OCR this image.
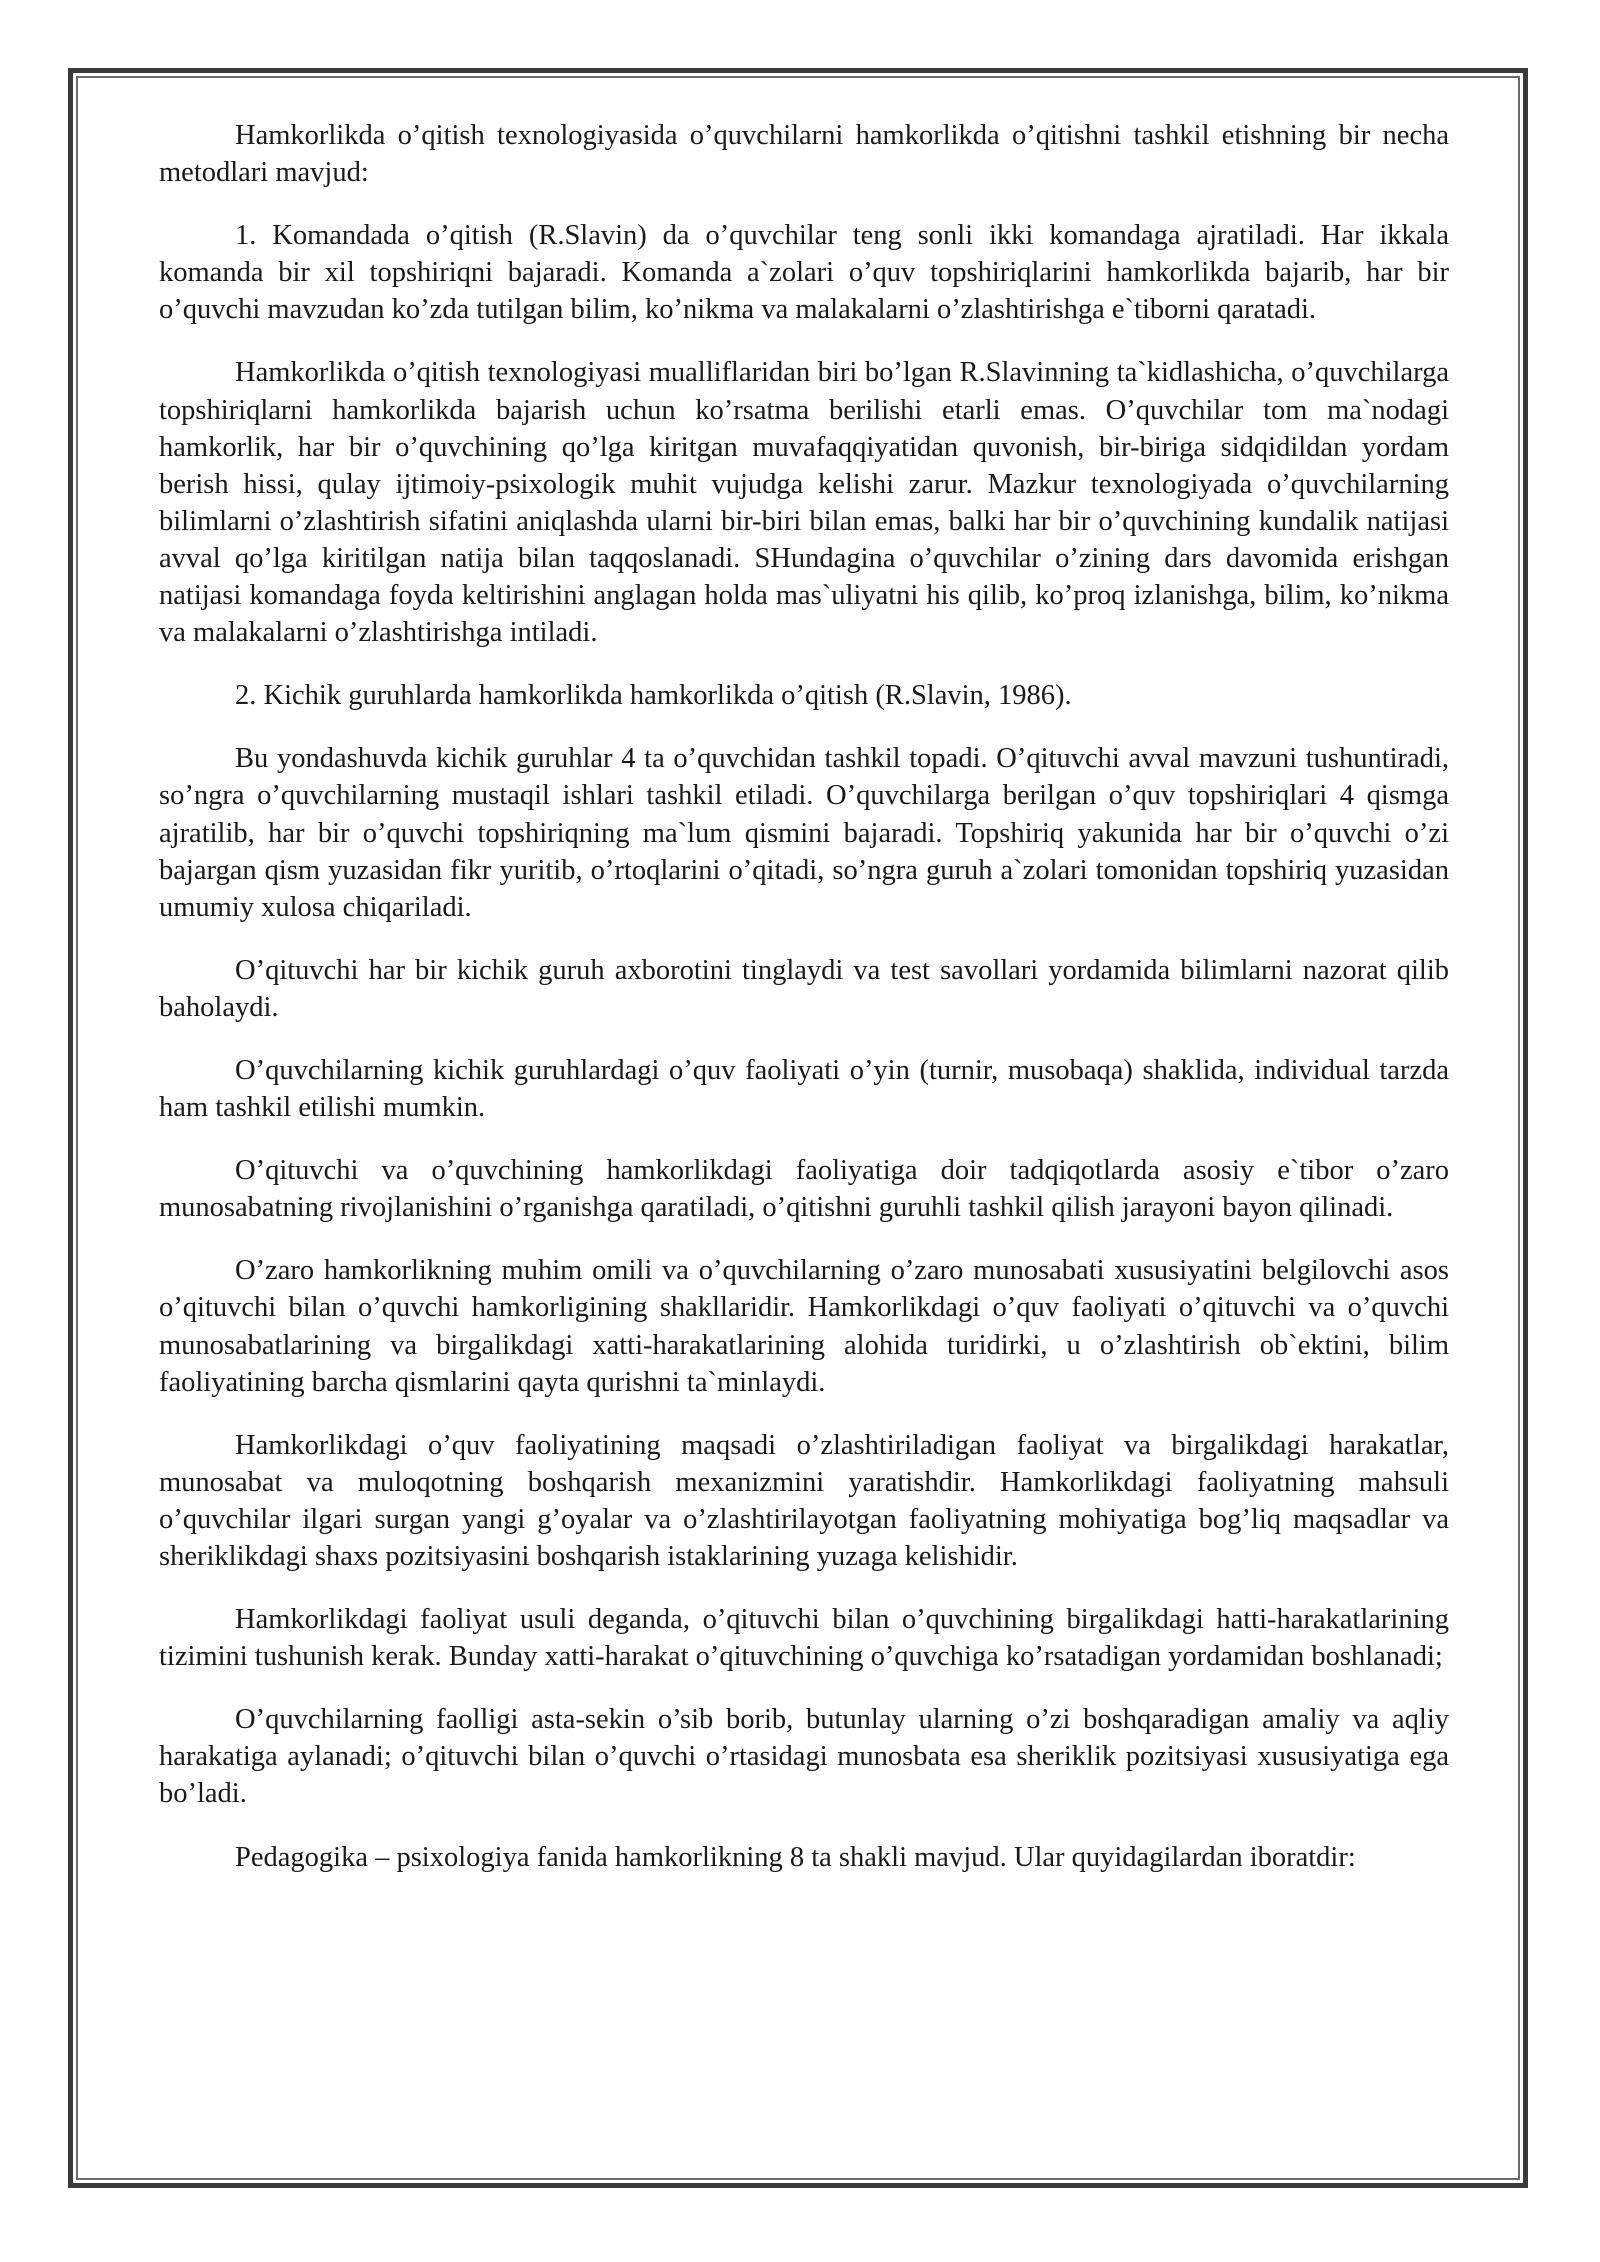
Hamkorlikda o’qitish texnologiyasida o’quvchilarni hamkorlikda o’qitishni tashkil etishning bir necha metodlari mavjud:

1. Komandada o’qitish (R.Slavin) da o’quvchilar teng sonli ikki komandaga ajratiladi. Har ikkala komanda bir xil topshiriqni bajaradi. Komanda a`zolari o’quv topshiriqlarini hamkorlikda bajarib, har bir o’quvchi mavzudan ko’zda tutilgan bilim, ko’nikma va malakalarni o’zlashtirishga e`tiborni qaratadi.

Hamkorlikda o’qitish texnologiyasi mualliflaridan biri bo’lgan R.Slavinning ta`kidlashicha, o’quvchilarga topshiriqlarni hamkorlikda bajarish uchun ko’rsatma berilishi etarli emas. O’quvchilar tom ma`nodagi hamkorlik, har bir o’quvchining qo’lga kiritgan muvafaqqiyatidan quvonish, bir-biriga sidqidildan yordam berish hissi, qulay ijtimoiy-psixologik muhit vujudga kelishi zarur. Mazkur texnologiyada o’quvchilarning bilimlarni o’zlashtirish sifatini aniqlashda ularni bir-biri bilan emas, balki har bir o’quvchining kundalik natijasi avval qo’lga kiritilgan natija bilan taqqoslanadi. SHundagina o’quvchilar o’zining dars davomida erishgan natijasi komandaga foyda keltirishini anglagan holda mas`uliyatni his qilib, ko’proq izlanishga, bilim, ko’nikma va malakalarni o’zlashtirishga intiladi.

2. Kichik guruhlarda hamkorlikda hamkorlikda o’qitish (R.Slavin, 1986).

Bu yondashuvda kichik guruhlar 4 ta o’quvchidan tashkil topadi. O’qituvchi avval mavzuni tushuntiradi, so’ngra o’quvchilarning mustaqil ishlari tashkil etiladi. O’quvchilarga berilgan o’quv topshiriqlari 4 qismga ajratilib, har bir o’quvchi topshiriqning ma`lum qismini bajaradi. Topshiriq yakunida har bir o’quvchi o’zi bajargan qism yuzasidan fikr yuritib, o’rtoqlarini o’qitadi, so’ngra guruh a`zolari tomonidan topshiriq yuzasidan umumiy xulosa chiqariladi.

O’qituvchi har bir kichik guruh axborotini tinglaydi va test savollari yordamida bilimlarni nazorat qilib baholaydi.

O’quvchilarning kichik guruhlardagi o’quv faoliyati o’yin (turnir, musobaqa) shaklida, individual tarzda ham tashkil etilishi mumkin.

O’qituvchi va o’quvchining hamkorlikdagi faoliyatiga doir tadqiqotlarda asosiy e`tibor o’zaro munosabatning rivojlanishini o’rganishga qaratiladi, o’qitishni guruhli tashkil qilish jarayoni bayon qilinadi.

O’zaro hamkorlikning muhim omili va o’quvchilarning o’zaro munosabati xususiyatini belgilovchi asos o’qituvchi bilan o’quvchi hamkorligining shakllaridir. Hamkorlikdagi o’quv faoliyati o’qituvchi va o’quvchi munosabatlarining va birgalikdagi xatti-harakatlarining alohida turidirki, u o’zlashtirish ob`ektini, bilim faoliyatining barcha qismlarini qayta qurishni ta`minlaydi.

Hamkorlikdagi o’quv faoliyatining maqsadi o’zlashtiriladigan faoliyat va birgalikdagi harakatlar, munosabat va muloqotning boshqarish mexanizmini yaratishdir. Hamkorlikdagi faoliyatning mahsuli o’quvchilar ilgari surgan yangi g’oyalar va o’zlashtirilayotgan faoliyatning mohiyatiga bog’liq maqsadlar va sheriklikdagi shaxs pozitsiyasini boshqarish istaklarining yuzaga kelishidir.

Hamkorlikdagi faoliyat usuli deganda, o’qituvchi bilan o’quvchining birgalikdagi hatti-harakatlarining tizimini tushunish kerak. Bunday xatti-harakat o’qituvchining o’quvchiga ko’rsatadigan yordamidan boshlanadi;

O’quvchilarning faolligi asta-sekin o’sib borib, butunlay ularning o’zi boshqaradigan amaliy va aqliy harakatiga aylanadi; o’qituvchi bilan o’quvchi o’rtasidagi munosbata esa sheriklik pozitsiyasi xususiyatiga ega bo’ladi.

Pedagogika – psixologiya fanida hamkorlikning 8 ta shakli mavjud. Ular quyidagilardan iboratdir:
